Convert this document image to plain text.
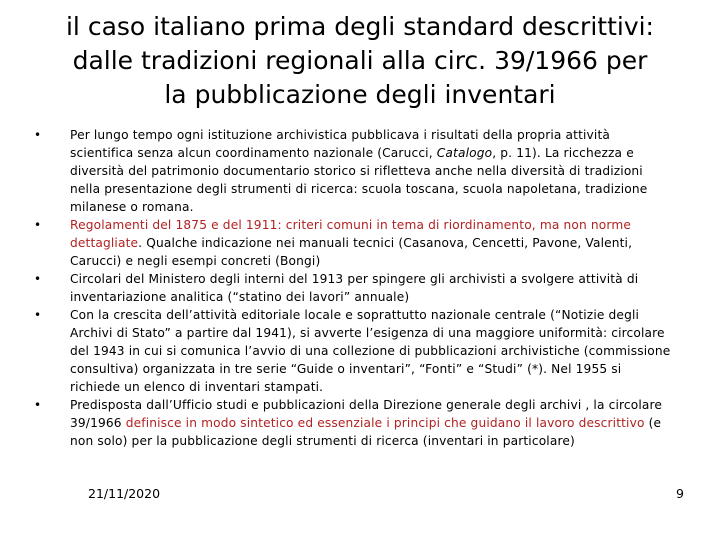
il caso italiano prima degli standard descrittivi:
dalle tradizioni regionali alla circ. 39/1966 per
la pubblicazione degli inventari
• Per lungo tempo ogni istituzione archivistica pubblicava i risultati della propria attività scientifica senza alcun coordinamento nazionale (Carucci, Catalogo, p. 11). La ricchezza e diversità del patrimonio documentario storico si rifletteva anche nella diversità di tradizioni nella presentazione degli strumenti di ricerca: scuola toscana, scuola napoletana, tradizione milanese o romana.
• Regolamenti del 1875 e del 1911: criteri comuni in tema di riordinamento, ma non norme dettagliate. Qualche indicazione nei manuali tecnici (Casanova, Cencetti, Pavone, Valenti, Carucci) e negli esempi concreti (Bongi)
• Circolari del Ministero degli interni del 1913 per spingere gli archivisti a svolgere attività di inventariazione analitica (“statino dei lavori” annuale)
• Con la crescita dell’attività editoriale locale e soprattutto nazionale centrale (“Notizie degli Archivi di Stato” a partire dal 1941), si avverte l’esigenza di una maggiore uniformità: circolare del 1943 in cui si comunica l’avvio di una collezione di pubblicazioni archivistiche (commissione consultiva) organizzata in tre serie “Guide o inventari”, “Fonti” e “Studi” (*). Nel 1955 si richiede un elenco di inventari stampati.
• Predisposta dall’Ufficio studi e pubblicazioni della Direzione generale degli archivi , la circolare 39/1966 definisce in modo sintetico ed essenziale i principi che guidano il lavoro descrittivo (e non solo) per la pubblicazione degli strumenti di ricerca (inventari in particolare)
21/11/2020	9
